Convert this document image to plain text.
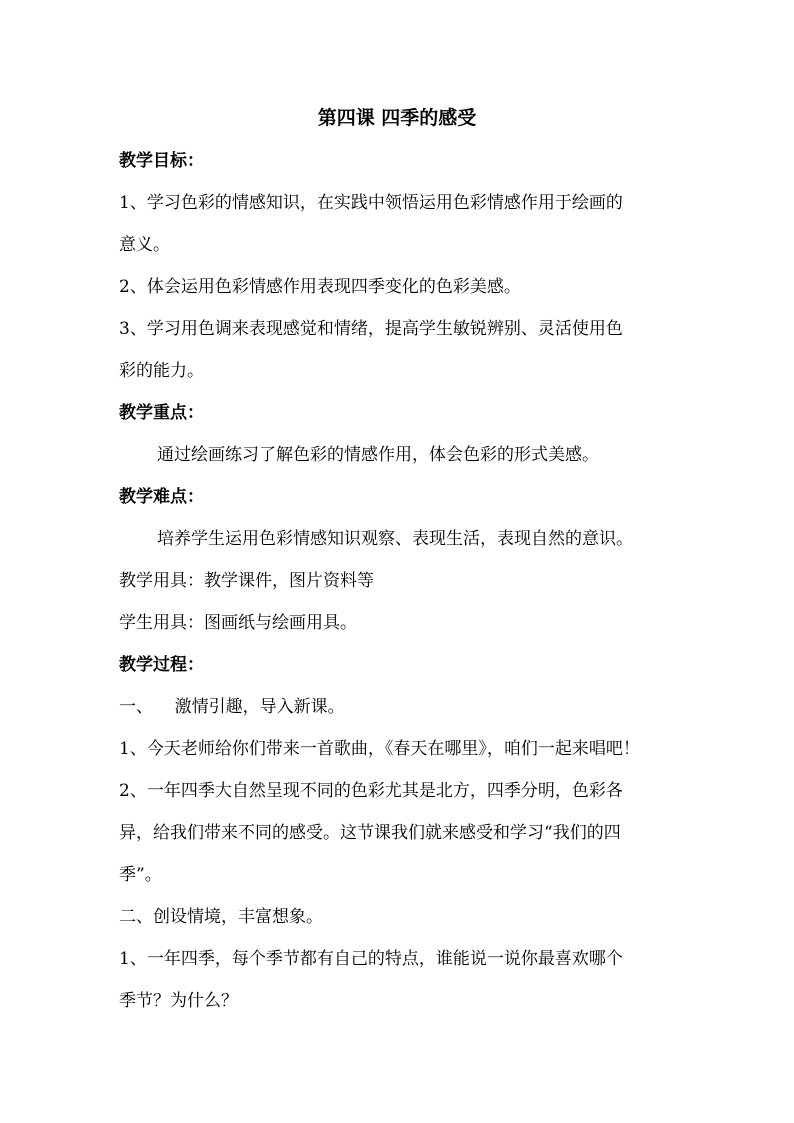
第四课 四季的感受
教学目标：
1、学习色彩的情感知识，在实践中领悟运用色彩情感作用于绘画的
意义。
2、体会运用色彩情感作用表现四季变化的色彩美感。
3、学习用色调来表现感觉和情绪，提高学生敏锐辨别、灵活使用色
彩的能力。
教学重点：
通过绘画练习了解色彩的情感作用，体会色彩的形式美感。
教学难点：
培养学生运用色彩情感知识观察、表现生活，表现自然的意识。
教学用具：教学课件，图片资料等
学生用具：图画纸与绘画用具。
教学过程：
一、    激情引趣，导入新课。
1、今天老师给你们带来一首歌曲，《春天在哪里》，咱们一起来唱吧！
2、一年四季大自然呈现不同的色彩尤其是北方，四季分明，色彩各
异，给我们带来不同的感受。这节课我们就来感受和学习“我们的四
季”。
二、创设情境，丰富想象。
1、一年四季，每个季节都有自己的特点，谁能说一说你最喜欢哪个
季节？为什么？
